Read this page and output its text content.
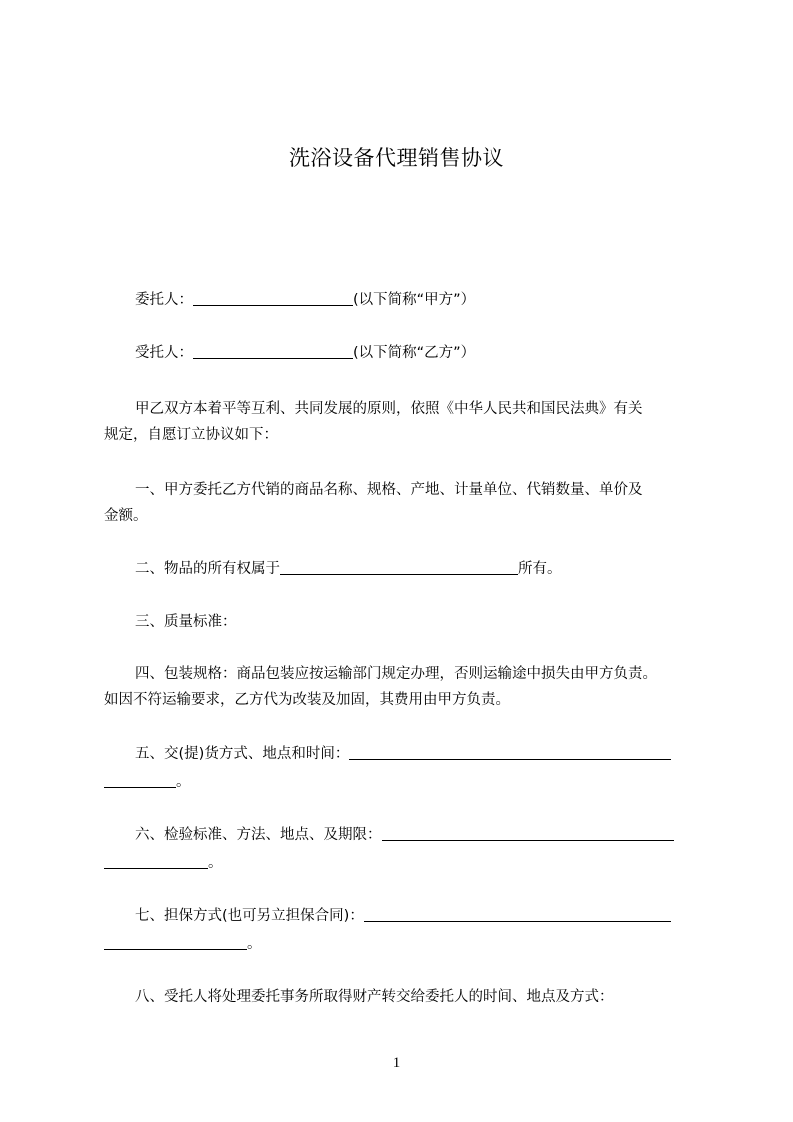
洗浴设备代理销售协议
委托人：	(以下简称“甲方”）
受托人：	(以下简称“乙方”）
甲乙双方本着平等互利、共同发展的原则，依照《中华人民共和国民法典》有关
规定，自愿订立协议如下：
一、甲方委托乙方代销的商品名称、规格、产地、计量单位、代销数量、单价及
金额。
二、物品的所有权属于	所有。
三、质量标准：
四、包装规格：商品包装应按运输部门规定办理，否则运输途中损失由甲方负责。
如因不符运输要求，乙方代为改装及加固，其费用由甲方负责。
五、交(提)货方式、地点和时间：
。
六、检验标准、方法、地点、及期限：
。
七、担保方式(也可另立担保合同)：
。
八、受托人将处理委托事务所取得财产转交给委托人的时间、地点及方式：
1
